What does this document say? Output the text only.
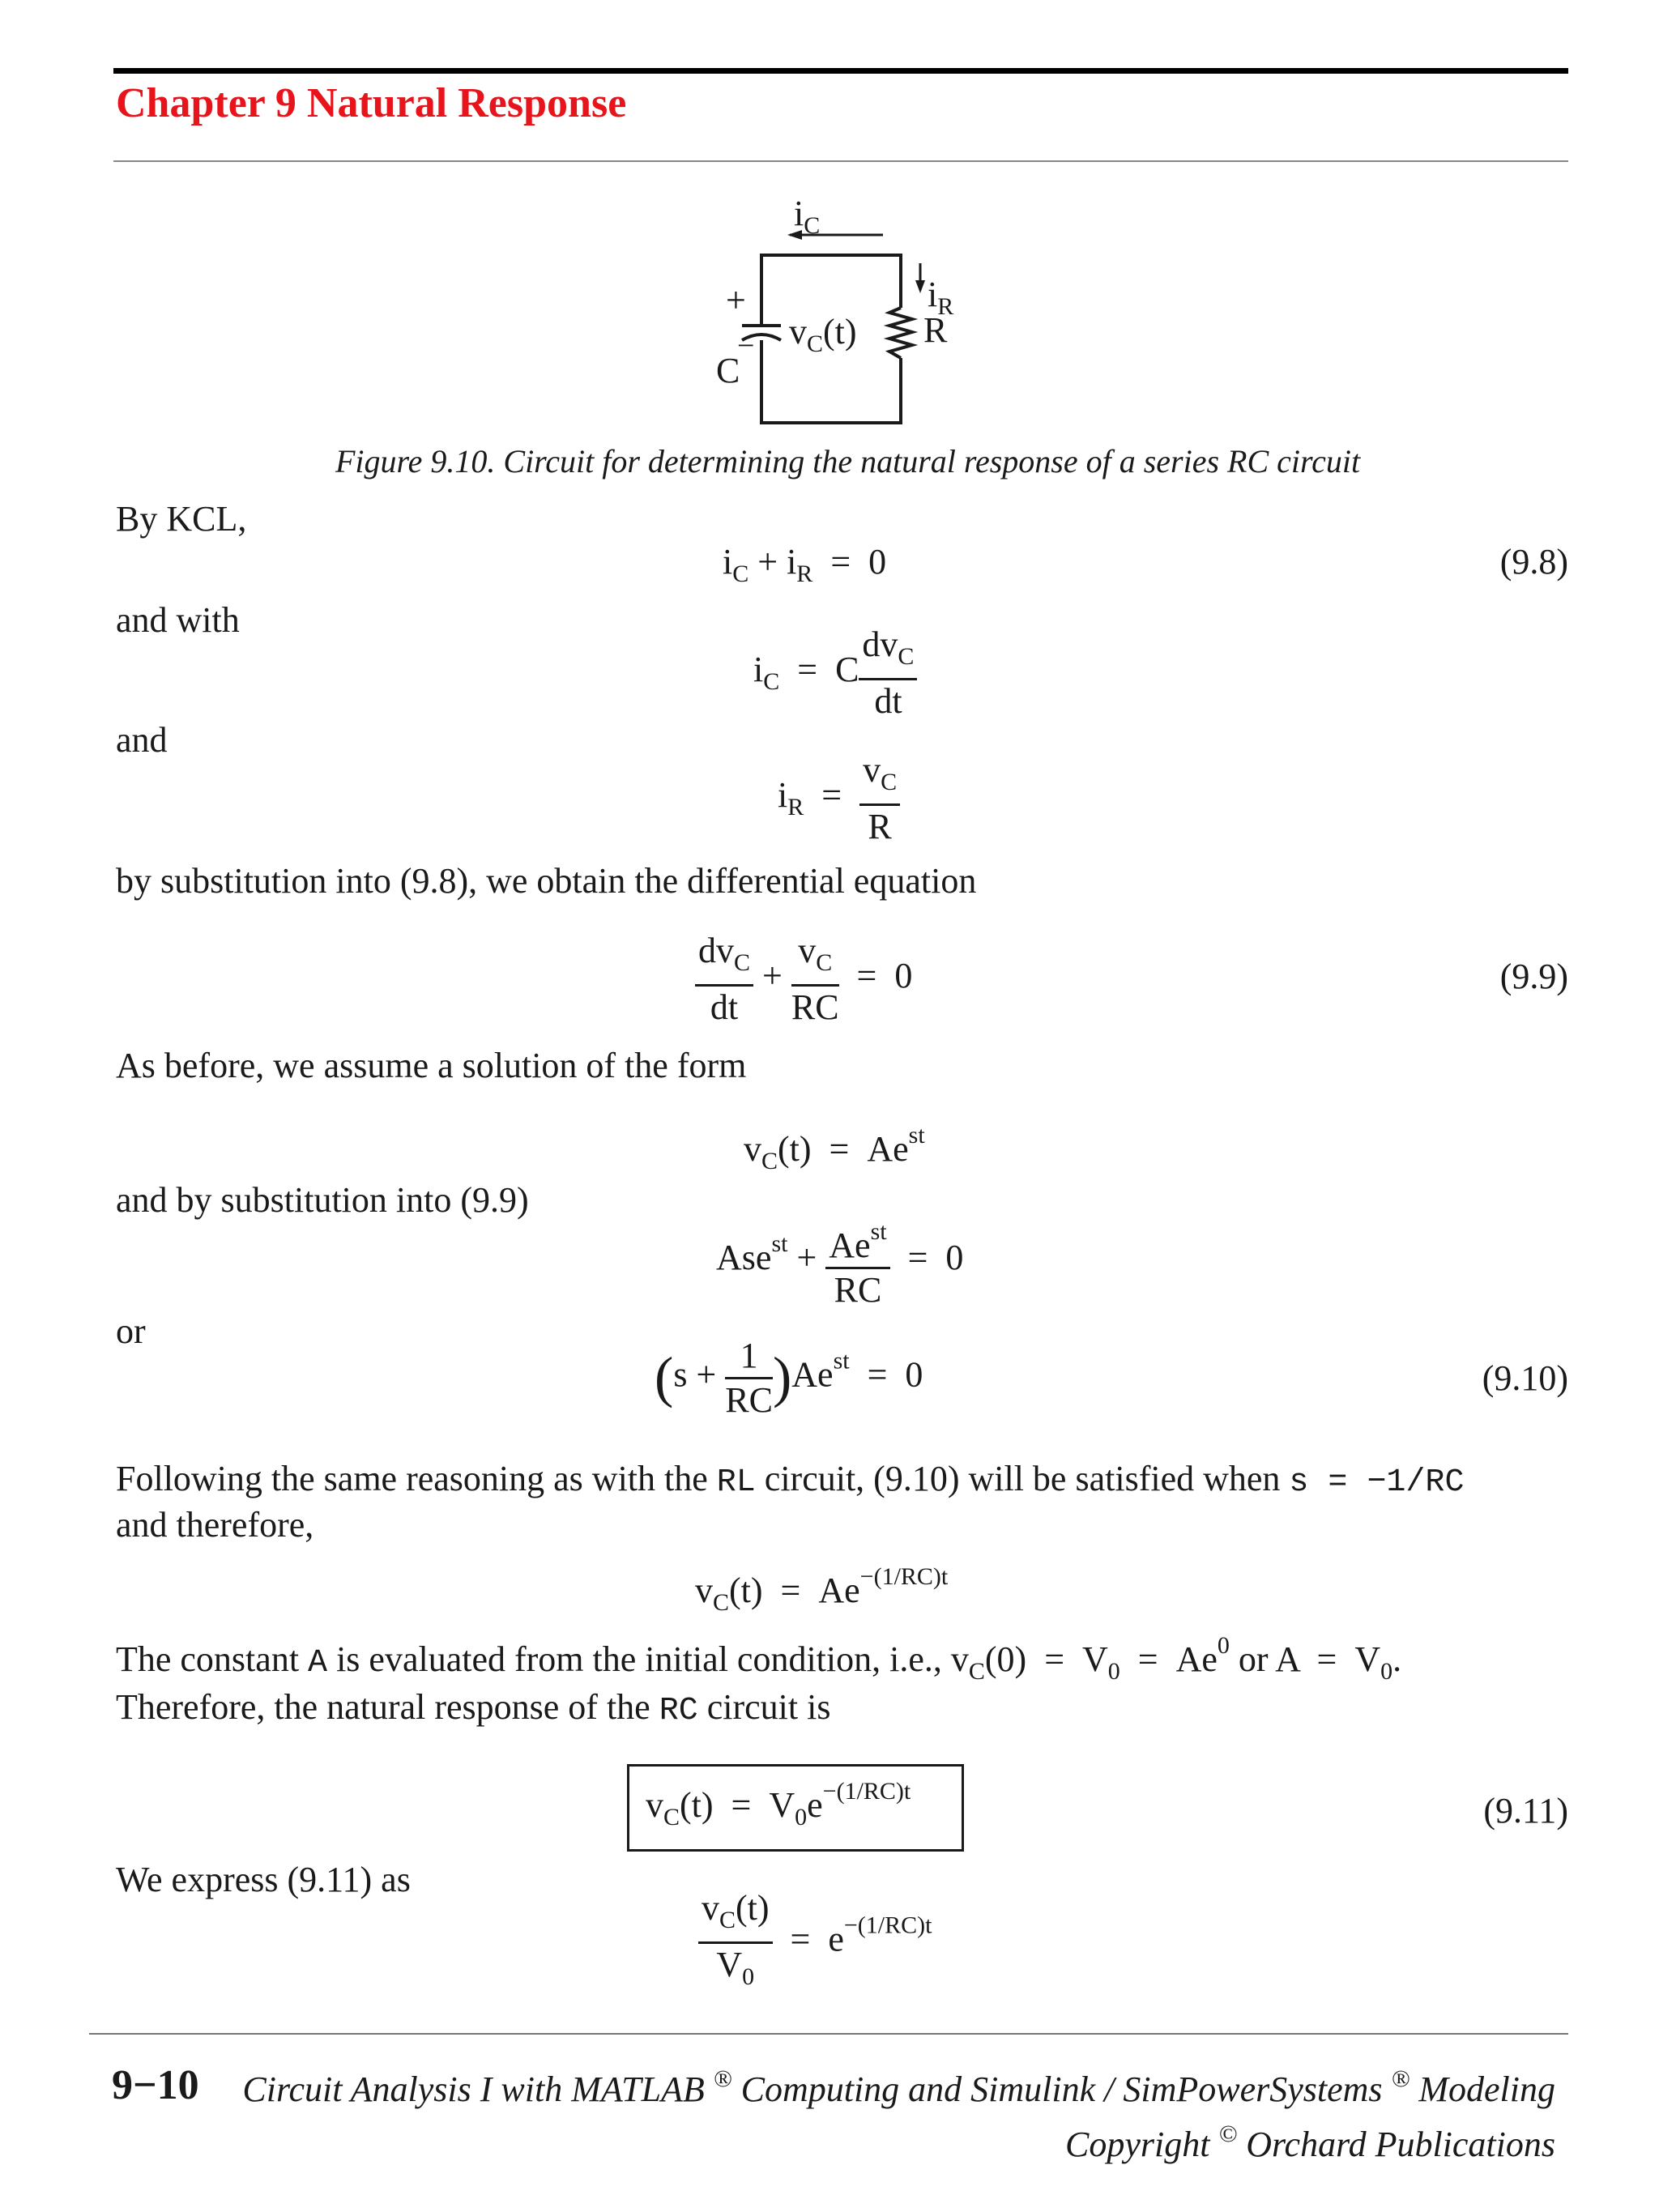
Chapter 9 Natural Response
$i_C$
$i_R$
R
+
−
C
$v_C(t)$
Figure 9.10. Circuit for determining the natural response of a series RC circuit
By KCL,
$i_C + i_R = 0$	(9.8)
and with
$i_C = C \frac{dv_C}{dt}$
and
$i_R = \frac{v_C}{R}$
by substitution into (9.8), we obtain the differential equation
$\frac{dv_C}{dt} + \frac{v_C}{RC} = 0$	(9.9)
As before, we assume a solution of the form
$v_C(t) = Ae^{st}$
and by substitution into (9.9)
$Ase^{st} + \frac{Ae^{st}}{RC} = 0$
or
$(s + \frac{1}{RC} )Ae^{st} = 0$	(9.10)
Following the same reasoning as with the RL circuit, (9.10) will be satisfied when s = −1/RC
and therefore,
$v_C(t) = Ae^{-(1/RC)t}$
The constant A is evaluated from the initial condition, i.e., $v_C(0) = V_0 = Ae^0$ or $A = V_0$.
Therefore, the natural response of the RC circuit is
$v_C(t) = V_0e^{-(1/RC)t}$	(9.11)
We express (9.11) as
$\frac{v_C(t)}{V_0} = e^{-(1/RC)t}$
9−10 Circuit Analysis I with MATLAB ® Computing and Simulink / SimPowerSystems ® Modeling
Copyright © Orchard Publications
